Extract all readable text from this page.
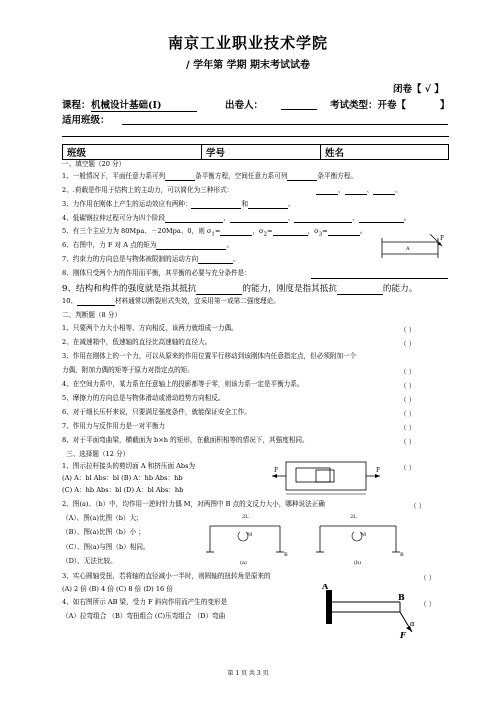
南京工业职业技术学院
/ 学年第 学期 期末考试试卷
闭卷【 √ 】
课程： 机械设计基础(Ⅰ)	出卷人：	考试类型：开卷【	】
适用班级：
班级	学号	姓名
一、填空题（20 分）
1、一般情况下，平面任意力系可列	条平衡方程，空间任意力系可列	条平衡方程。
2、.荷载是作用于结构上的主动力，可以简化为三种形式：	、	、	。
3、力作用在刚体上产生的运动效应有两种：	和	。
4、低碳钢拉伸过程可分为四个阶段	、	、	、	。
5、有三个主应力为 80Mpa、－20Mpa、0，则 $\sigma_1=$	，$\sigma_2=$	，$\sigma_3=$	。
6、右图中，力 F 对 A 点的矩为	。
F
A
7、约束力的方向总是与物体被限制的运动方向	。
8、刚体只受两个力的作用而平衡，其平衡的必要与充分条件是：
9、结构和构件的强度就是指其抵抗	的能力，刚度是指其抵抗	的能力。
10、	材料通常以断裂形式失效，宜采用第一或第二强度理论。
二、判断题（8 分）
1、只要两个力大小相等、方向相反，该两力就组成一力偶。	（ ）
2、在减速箱中，低速轴的直径比高速轴的直径大。	（ ）
3、作用在刚体上的一个力，可以从原来的作用位置平行移动到该刚体内任意指定点，但必须附加一个
力偶，附加力偶的矩等于原力对指定点的矩。	（ ）
4、在空间力系中，某力系在任意轴上的投影都等于零，则该力系一定是平衡力系。	（ ）
5、摩擦力的方向总是与物体滑动或滑动趋势方向相反。	（ ）
6、对于细长压杆来说，只要满足强度条件，就能保证安全工作。	（ ）
7、作用力与反作用力是一对平衡力	（ ）
8、对于平面弯曲梁，横截面为 b×h 的矩形，在截面积相等的情况下，其强度相同。	（ ）
三、选择题（12 分）
1、图示拉杆接头的剪切面 A 和挤压面 Abs为	（ ）
(A) A：bl Abs：bl (B) A：hb Abs：hb
(C) A：hb Abs：bl (D) A：bl Abs：hb
F	F
2、图(a)、（b）中，均作用一逆时针力偶 M，对两图中 B 点的支反力大小，哪种说法正确	（ ）
（A）、图(a)比图（b）大；
（B）、图(a)比图（b）小 ；
（C）、图(a)与图（b）相同。
（D）、无法比较。
2L
M
B
(a)
2L
M
B
(b)
3、实心圆轴受扭，若将轴的直径减小一半时，则圆轴的扭转角是原来的	（ ）
(A) 2 倍 (B) 4 倍 (C) 8 倍 (D) 16 倍
4、如右图所示 AB 梁，受力 F 斜向作用而产生的变形是	（ ）
（A）拉弯组合 （B）弯扭组合 (C)压弯组合 （D）弯曲
A
B
α
F
第 1 页 共 3 页
